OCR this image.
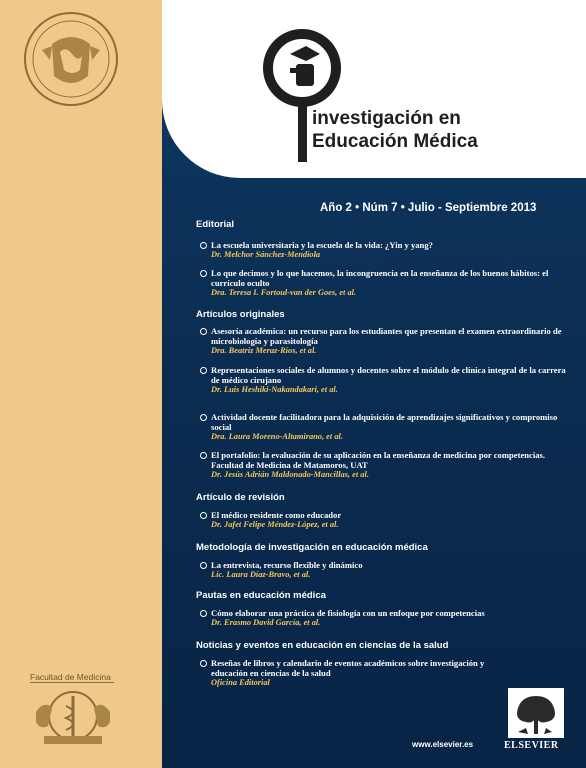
investigación en
Educación Médica
Año 2 • Núm 7 • Julio - Septiembre 2013
Editorial
La escuela universitaria y la escuela de la vida: ¿Yin y yang?
Dr. Melchor Sánchez-Mendiola
Lo que decimos y lo que hacemos, la incongruencia en la enseñanza de los buenos hábitos: el currículo oculto
Dra. Teresa I. Fortoul-van der Goes, et al.
Artículos originales
Asesoría académica: un recurso para los estudiantes que presentan el examen extraordinario de microbiología y parasitología
Dra. Beatriz Meraz-Ríos, et al.
Representaciones sociales de alumnos y docentes sobre el módulo de clínica integral de la carrera de médico cirujano
Dr. Luis Heshiki-Nakandakari, et al.
Actividad docente facilitadora para la adquisición de aprendizajes significativos y compromiso social
Dra. Laura Moreno-Altamirano, et al.
El portafolio: la evaluación de su aplicación en la enseñanza de medicina por competencias. Facultad de Medicina de Matamoros, UAT
Dr. Jesús Adrián Maldonado-Mancillas, et al.
Artículo de revisión
El médico residente como educador
Dr. Jafet Felipe Méndez-López, et al.
Metodología de investigación en educación médica
La entrevista, recurso flexible y dinámico
Lic. Laura Díaz-Bravo, et al.
Pautas en educación médica
Cómo elaborar una práctica de fisiología con un enfoque por competencias
Dr. Erasmo David García, et al.
Noticias y eventos en educación en ciencias de la salud
Reseñas de libros y calendario de eventos académicos sobre investigación y educación en ciencias de la salud
Oficina Editorial
Facultad de Medicina
www.elsevier.es	ELSEVIER
